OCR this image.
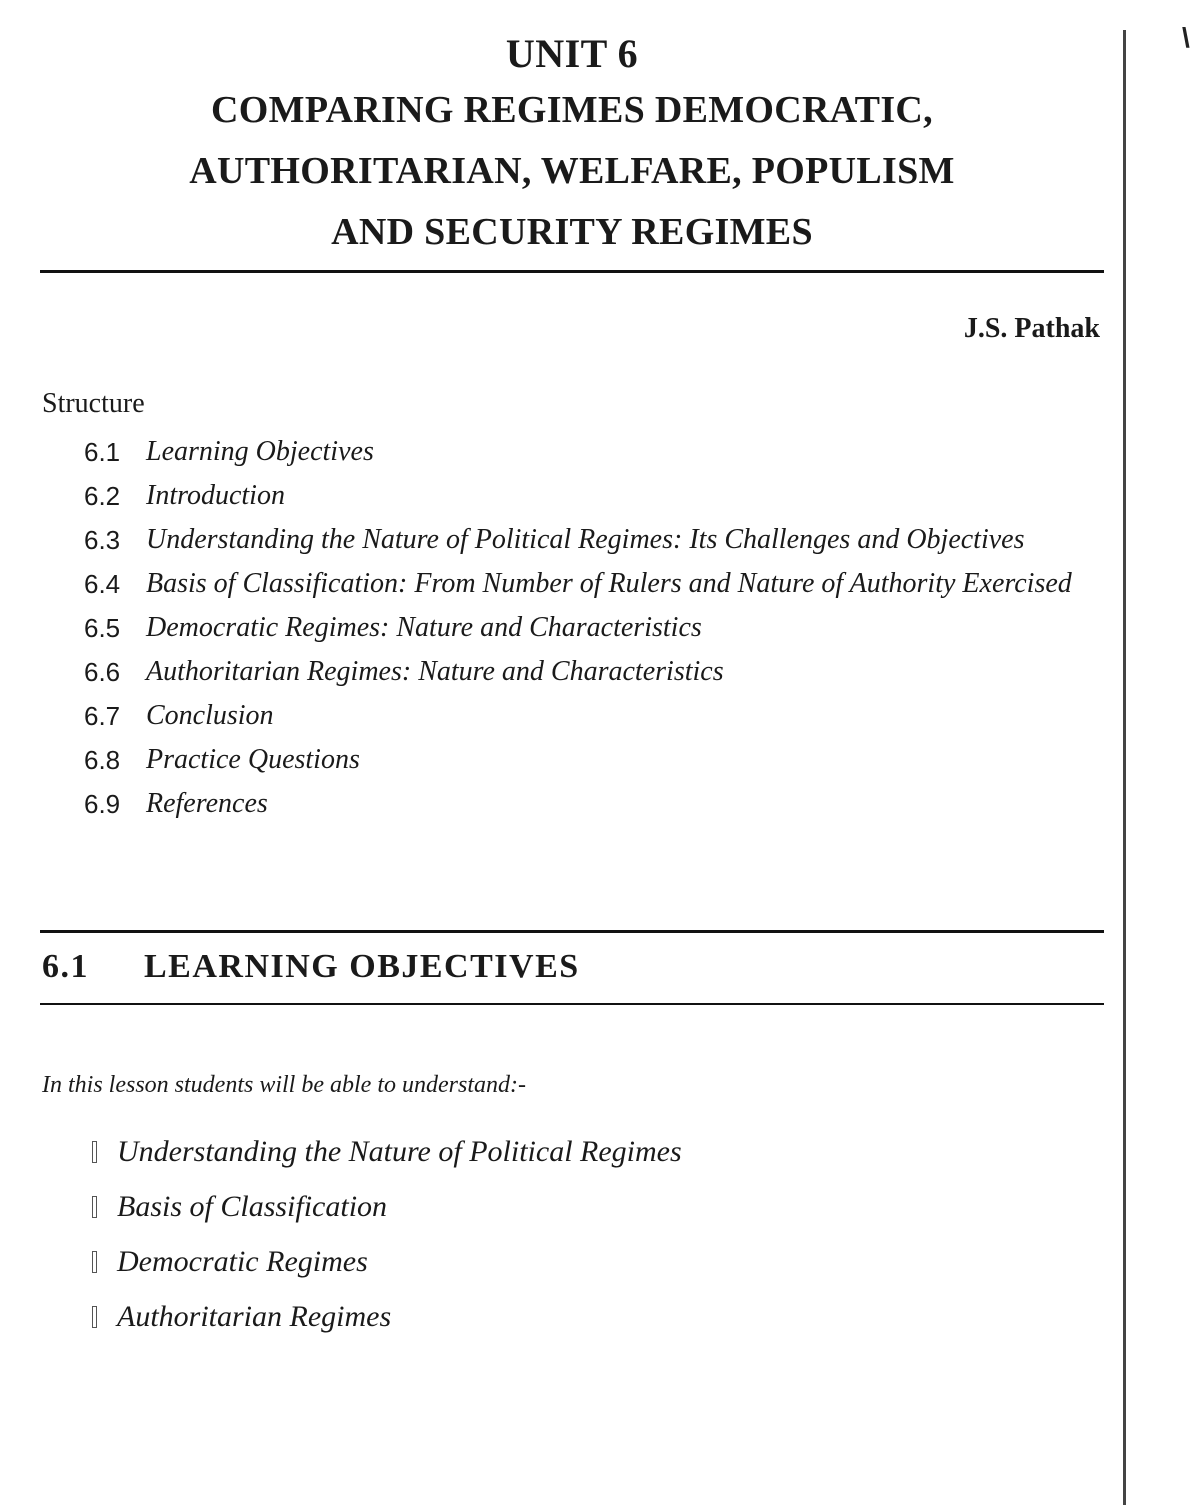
UNIT 6
COMPARING REGIMES DEMOCRATIC,
AUTHORITARIAN, WELFARE, POPULISM
AND SECURITY REGIMES
\
J.S. Pathak
Structure
6.1 Learning Objectives
6.2 Introduction
6.3 Understanding the Nature of Political Regimes: Its Challenges and Objectives
6.4 Basis of Classification: From Number of Rulers and Nature of Authority Exercised
6.5 Democratic Regimes: Nature and Characteristics
6.6 Authoritarian Regimes: Nature and Characteristics
6.7 Conclusion
6.8 Practice Questions
6.9 References
6.1	LEARNING OBJECTIVES
In this lesson students will be able to understand:-
Understanding the Nature of Political Regimes
Basis of Classification
Democratic Regimes
Authoritarian Regimes
